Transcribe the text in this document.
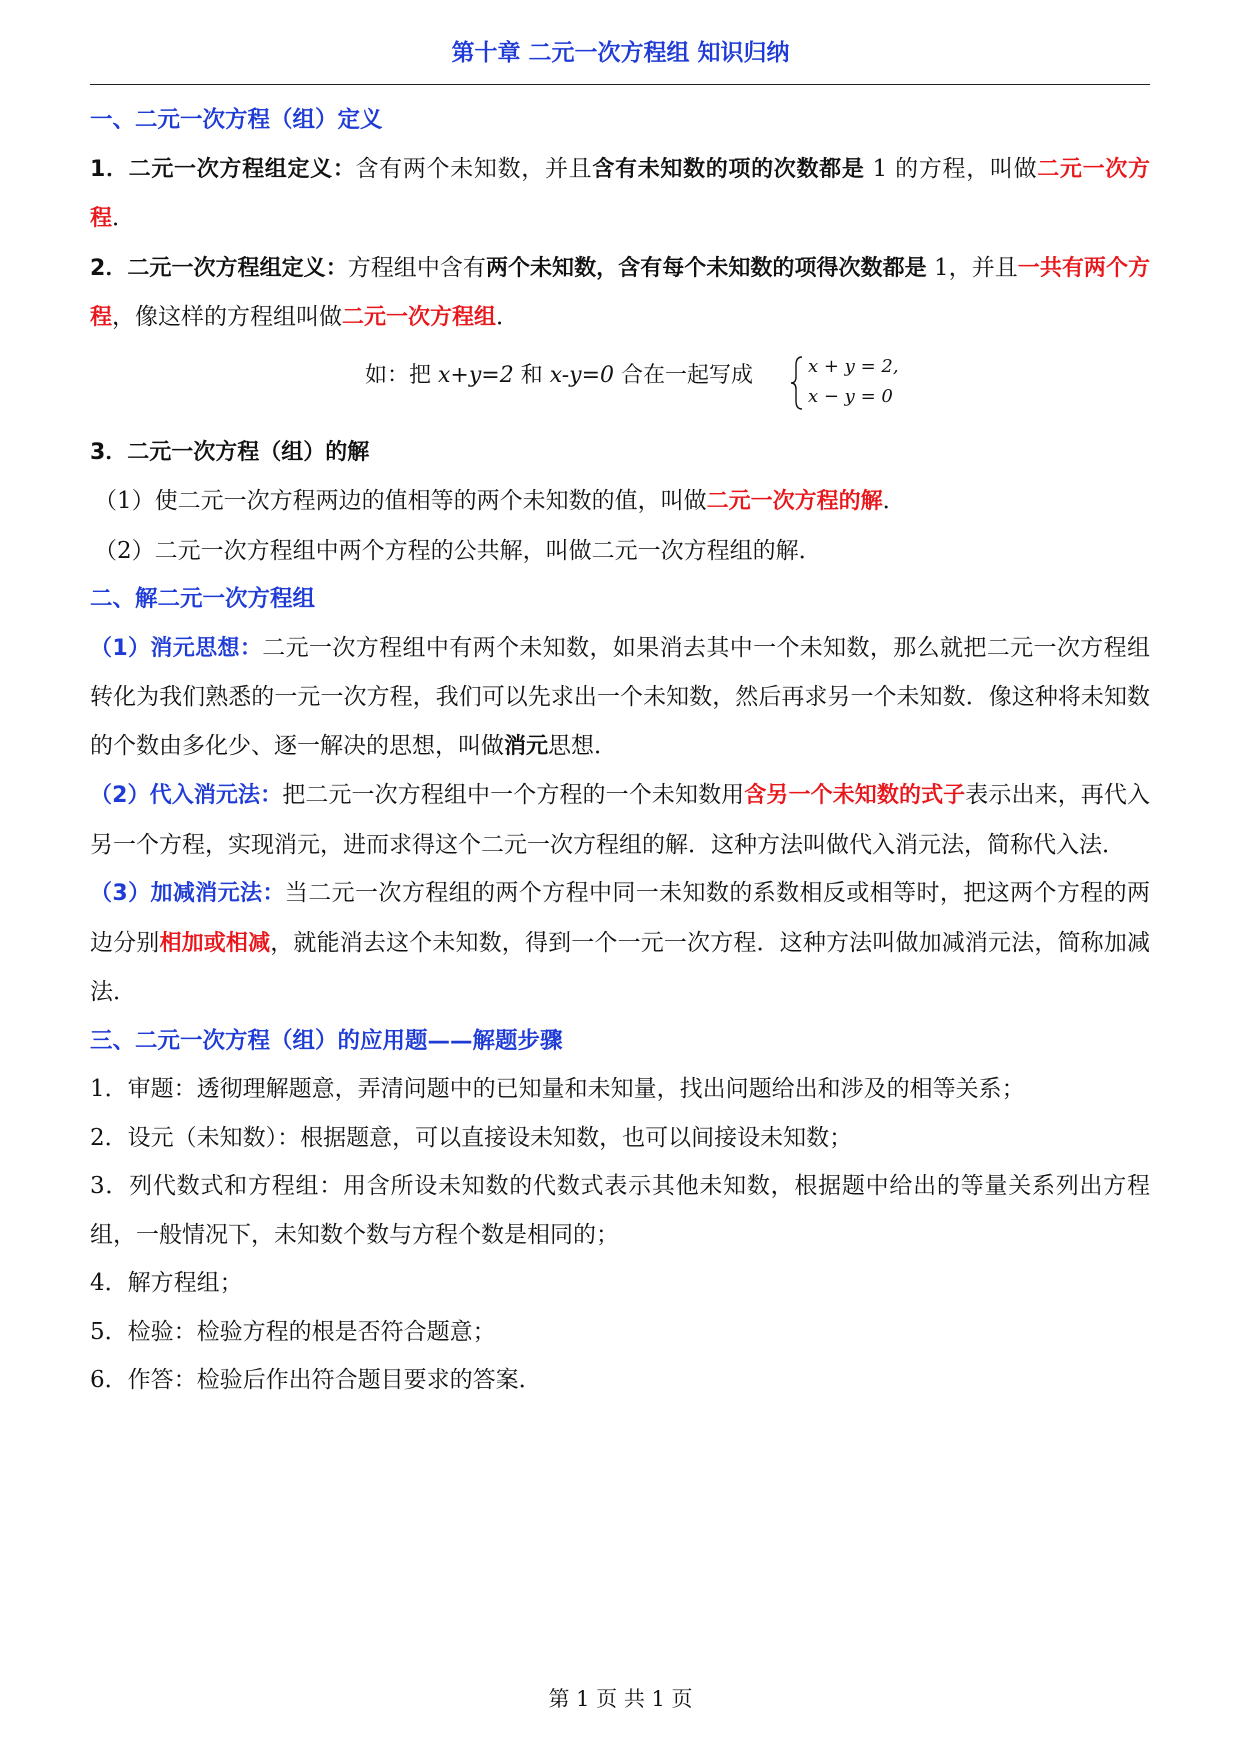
第十章 二元一次方程组 知识归纳

一、二元一次方程（组）定义

1．二元一次方程组定义：含有两个未知数，并且含有未知数的项的次数都是 1 的方程，叫做二元一次方程．

2．二元一次方程组定义：方程组中含有两个未知数，含有每个未知数的项得次数都是 1，并且一共有两个方程，像这样的方程组叫做二元一次方程组．

如：把 x+y=2 和 x-y=0 合在一起写成	x + y = 2,
x − y = 0

3．二元一次方程（组）的解

（1）使二元一次方程两边的值相等的两个未知数的值，叫做二元一次方程的解．

（2）二元一次方程组中两个方程的公共解，叫做二元一次方程组的解．

二、解二元一次方程组

（1）消元思想：二元一次方程组中有两个未知数，如果消去其中一个未知数，那么就把二元一次方程组转化为我们熟悉的一元一次方程，我们可以先求出一个未知数，然后再求另一个未知数．像这种将未知数的个数由多化少、逐一解决的思想，叫做消元思想．

（2）代入消元法：把二元一次方程组中一个方程的一个未知数用含另一个未知数的式子表示出来，再代入另一个方程，实现消元，进而求得这个二元一次方程组的解．这种方法叫做代入消元法，简称代入法．

（3）加减消元法：当二元一次方程组的两个方程中同一未知数的系数相反或相等时，把这两个方程的两边分别相加或相减，就能消去这个未知数，得到一个一元一次方程．这种方法叫做加减消元法，简称加减法．

三、二元一次方程（组）的应用题——解题步骤

1．审题：透彻理解题意，弄清问题中的已知量和未知量，找出问题给出和涉及的相等关系；

2．设元（未知数）：根据题意，可以直接设未知数，也可以间接设未知数；

3．列代数式和方程组：用含所设未知数的代数式表示其他未知数，根据题中给出的等量关系列出方程组，一般情况下，未知数个数与方程个数是相同的；

4．解方程组；

5．检验：检验方程的根是否符合题意；

6．作答：检验后作出符合题目要求的答案．

第 1 页 共 1 页
